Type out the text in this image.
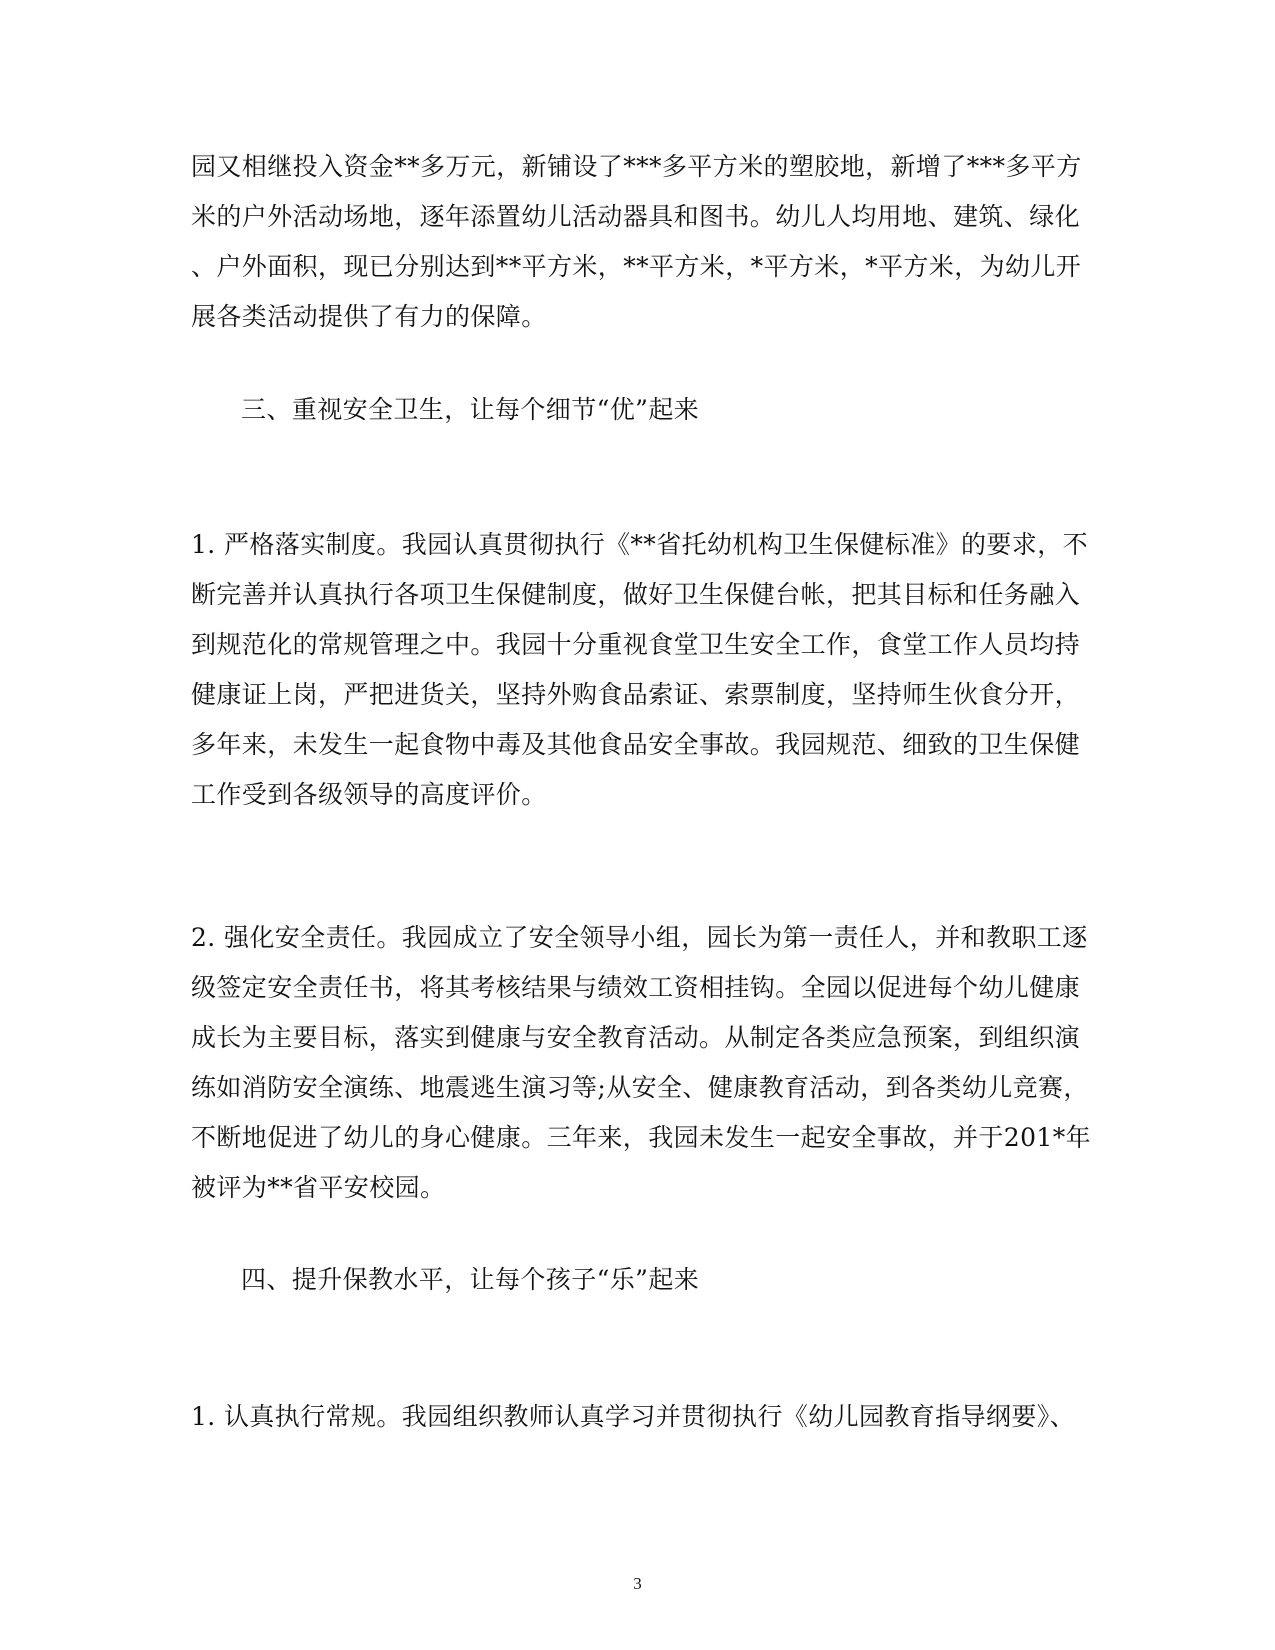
园又相继投入资金**多万元，新铺设了***多平方米的塑胶地，新增了***多平方
米的户外活动场地，逐年添置幼儿活动器具和图书。幼儿人均用地、建筑、绿化
、户外面积，现已分别达到**平方米，**平方米，*平方米，*平方米，为幼儿开
展各类活动提供了有力的保障。
三、重视安全卫生，让每个细节“优”起来
1. 严格落实制度。我园认真贯彻执行《**省托幼机构卫生保健标准》的要求，不
断完善并认真执行各项卫生保健制度，做好卫生保健台帐，把其目标和任务融入
到规范化的常规管理之中。我园十分重视食堂卫生安全工作，食堂工作人员均持
健康证上岗，严把进货关，坚持外购食品索证、索票制度，坚持师生伙食分开，
多年来，未发生一起食物中毒及其他食品安全事故。我园规范、细致的卫生保健
工作受到各级领导的高度评价。
2. 强化安全责任。我园成立了安全领导小组，园长为第一责任人，并和教职工逐
级签定安全责任书，将其考核结果与绩效工资相挂钩。全园以促进每个幼儿健康
成长为主要目标，落实到健康与安全教育活动。从制定各类应急预案，到组织演
练如消防安全演练、地震逃生演习等;从安全、健康教育活动，到各类幼儿竞赛，
不断地促进了幼儿的身心健康。三年来，我园未发生一起安全事故，并于201*年
被评为**省平安校园。
四、提升保教水平，让每个孩子“乐”起来
1. 认真执行常规。我园组织教师认真学习并贯彻执行《幼儿园教育指导纲要》、
3
